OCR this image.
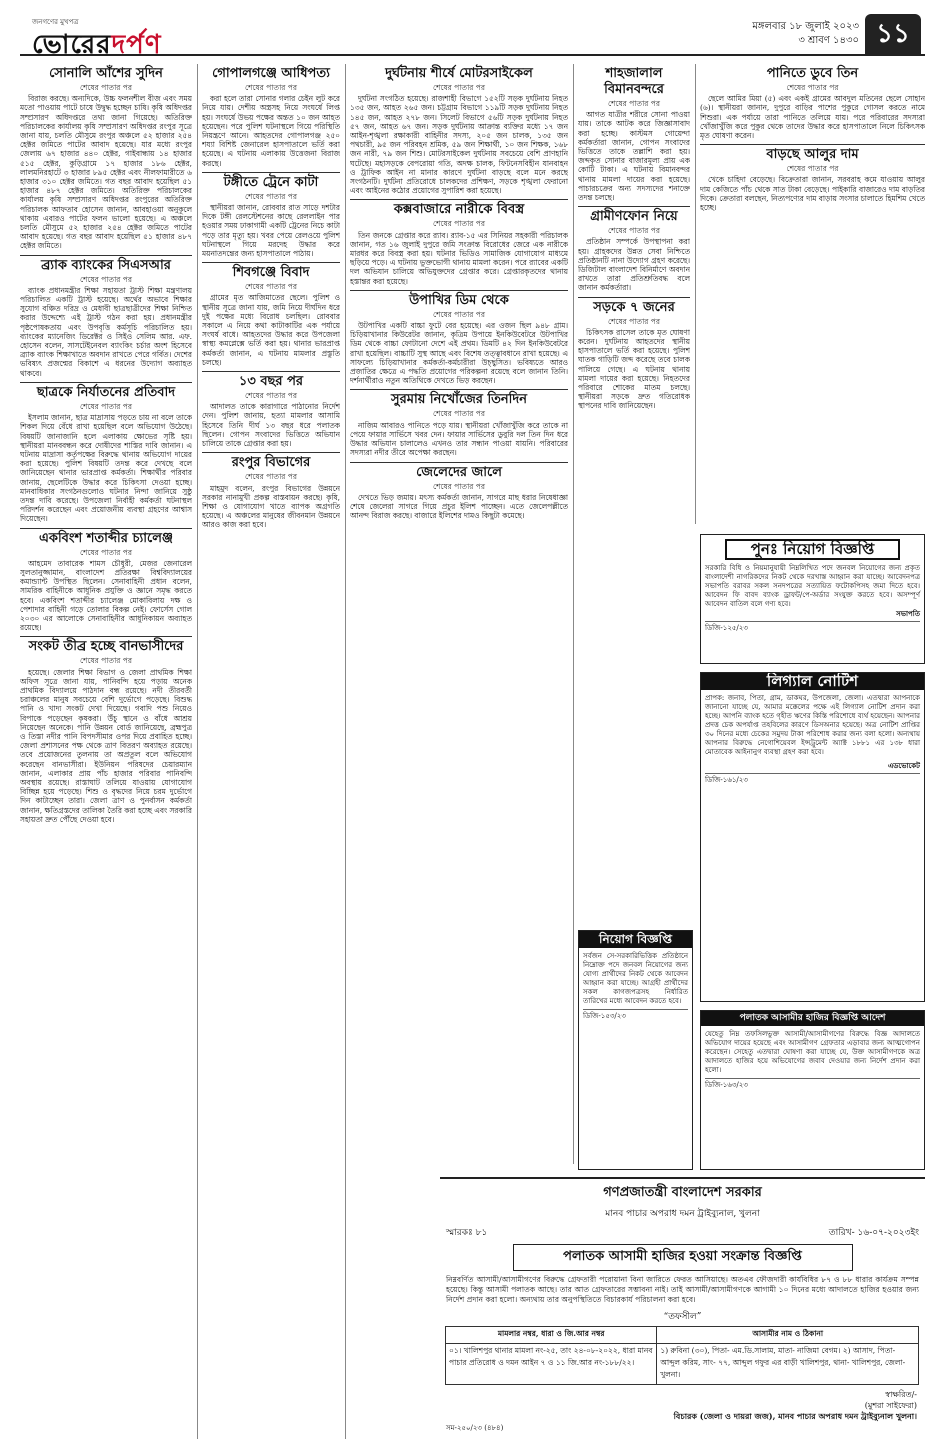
জনগণের মুখপত্র
ভোরেরদর্পণ
মঙ্গলবার ১৮ জুলাই ২০২৩
৩ শ্রাবণ ১৪৩০ ১১
সোনালি আঁশের সুদিন
শেষের পাতার পর

বিরাজ করছে। অন্যদিকে, উচ্চ ফলনশীল বীজ এবং সময় মতো পাওয়ায় পাটে চাষে উদ্বুদ্ধ হচ্ছেন চাষি। কৃষি অধিদপ্তর সম্প্রসারণ অধিদপ্তরে তথ্য জানা গিয়েছে। অতিরিক্ত পরিচালকের কার্যালয় কৃষি সম্প্রসারণ অধিদপ্তর রংপুর সূত্রে জানা যায়, চলতি মৌসুমে রংপুর অঞ্চলে ৫২ হাজার ২৫৪ হেক্টর জমিতে পাটের আবাদ হয়েছে। যার মধ্যে রংপুর জেলায় ৬৭ হাজার ৪৪০ হেক্টর, গাইবান্ধায় ১৪ হাজার ৫১৫ হেক্টর, কুড়িগ্রামে ১৭ হাজার ১৮৬ হেক্টর, লালমনিরহাটে ৩ হাজার ৮৯৫ হেক্টর এবং নীলফামারীতে ৬ হাজার ৩১০ হেক্টর জমিতে। গত বছর আবাদ হয়েছিল ৫১ হাজার ৪৮৭ হেক্টর জমিতে। অতিরিক্ত পরিচালকের কার্যালয় কৃষি সম্প্রসারণ অধিদপ্তর রংপুরের অতিরিক্ত পরিচালক আফতাব হোসেন জানান, আবহাওয়া অনুকূলে থাকায় এবারও পাটের ফলন ভালো হয়েছে। এ অঞ্চলে চলতি মৌসুমে ৫২ হাজার ২৫৪ হেক্টর জমিতে পাটের আবাদ হয়েছে। গত বছর আবাদ হয়েছিল ৫১ হাজার ৪৮৭ হেক্টর জমিতে।

ব্র্যাক ব্যাংকের সিএসআর
শেষের পাতার পর

ব্যাংক প্রধানমন্ত্রীর শিক্ষা সহায়তা ট্রাস্ট শিক্ষা মন্ত্রণালয় পরিচালিত একটি ট্রাস্ট হয়েছে। অর্থের অভাবে শিক্ষার সুযোগ বঞ্চিত দরিদ্র ও মেধাবী ছাত্রছাত্রীদের শিক্ষা নিশ্চিত করার উদ্দেশ্যে এই ট্রাস্ট গঠন করা হয়। প্রধানমন্ত্রীর পৃষ্ঠপোষকতায় এবং উপবৃত্তি কর্মসূচি পরিচালিত হয়। ব্যাংকের ম্যানেজিং ডিরেক্টর ও সিইও সেলিম আর. এফ. হোসেন বলেন, সাসটেইনেবল ব্যাংকিং চর্চার অংশ হিসেবে ব্র্যাক ব্যাংক শিক্ষাখাতে অবদান রাখতে পেরে গর্বিত। দেশের ভবিষ্যৎ প্রজন্মের বিকাশে এ ধরনের উদ্যোগ অব্যাহত থাকবে।

ছাত্রকে নির্যাতনের প্রতিবাদ
শেষের পাতার পর

ইসলাম জানান, ছাত্র মাদ্রাসায় পড়তে চায় না বলে তাকে শিকল দিয়ে বেঁধে রাখা হয়েছিল বলে অভিযোগ উঠেছে। বিষয়টি জানাজানি হলে এলাকায় ক্ষোভের সৃষ্টি হয়। স্থানীয়রা মানববন্ধন করে দোষীদের শাস্তির দাবি জানান। এ ঘটনায় মাদ্রাসা কর্তৃপক্ষের বিরুদ্ধে থানায় অভিযোগ দায়ের করা হয়েছে। পুলিশ বিষয়টি তদন্ত করে দেখছে বলে জানিয়েছেন থানার ভারপ্রাপ্ত কর্মকর্তা। শিক্ষার্থীর পরিবার জানায়, ছেলেটিকে উদ্ধার করে চিকিৎসা দেওয়া হচ্ছে। মানবাধিকার সংগঠনগুলোও ঘটনার নিন্দা জানিয়ে সুষ্ঠু তদন্ত দাবি করেছে। উপজেলা নির্বাহী কর্মকর্তা ঘটনাস্থল পরিদর্শন করেছেন এবং প্রয়োজনীয় ব্যবস্থা গ্রহণের আশ্বাস দিয়েছেন।

একবিংশ শতাব্দীর চ্যালেঞ্জ
শেষের পাতার পর

আহমেদ তাবারেক শামস চৌধুরী, মেজর জেনারেল সুলতানুজ্জামান, বাংলাদেশ প্রতিরক্ষা বিশ্ববিদ্যালয়ের কমান্ড্যান্ট উপস্থিত ছিলেন। সেনাবাহিনী প্রধান বলেন, সামরিক বাহিনীকে আধুনিক প্রযুক্তি ও জ্ঞানে সমৃদ্ধ করতে হবে। একবিংশ শতাব্দীর চ্যালেঞ্জ মোকাবিলায় দক্ষ ও পেশাদার বাহিনী গড়ে তোলার বিকল্প নেই। ফোর্সেস গোল ২০৩০ এর আলোকে সেনাবাহিনীর আধুনিকায়ন অব্যাহত রয়েছে।

সংকট তীব্র হচ্ছে বানভাসীদের
শেষের পাতার পর

হয়েছে। জেলার শিক্ষা বিভাগ ও জেলা প্রাথমিক শিক্ষা অফিস সূত্রে জানা যায়, পানিবন্দি হয়ে পড়ায় অনেক প্রাথমিক বিদ্যালয়ে পাঠদান বন্ধ রয়েছে। নদী তীরবর্তী চরাঞ্চলের মানুষ সবচেয়ে বেশি দুর্ভোগে পড়েছে। বিশুদ্ধ পানি ও খাদ্য সংকট দেখা দিয়েছে। গবাদি পশু নিয়েও বিপাকে পড়েছেন কৃষকরা। উঁচু স্থানে ও বাঁধে আশ্রয় নিয়েছেন অনেকে। পানি উন্নয়ন বোর্ড জানিয়েছে, ব্রহ্মপুত্র ও তিস্তা নদীর পানি বিপদসীমার ওপর দিয়ে প্রবাহিত হচ্ছে। জেলা প্রশাসনের পক্ষ থেকে ত্রাণ বিতরণ অব্যাহত রয়েছে। তবে প্রয়োজনের তুলনায় তা অপ্রতুল বলে অভিযোগ করেছেন বানভাসীরা। ইউনিয়ন পরিষদের চেয়ারম্যান জানান, এলাকার প্রায় পাঁচ হাজার পরিবার পানিবন্দি অবস্থায় রয়েছে। রাস্তাঘাট তলিয়ে যাওয়ায় যোগাযোগ বিচ্ছিন্ন হয়ে পড়েছে। শিশু ও বৃদ্ধদের নিয়ে চরম দুর্ভোগে দিন কাটাচ্ছেন তারা। জেলা ত্রাণ ও পুনর্বাসন কর্মকর্তা জানান, ক্ষতিগ্রস্তদের তালিকা তৈরি করা হচ্ছে এবং সরকারি সহায়তা দ্রুত পৌঁছে দেওয়া হবে।

গোপালগঞ্জে আধিপত্য
শেষের পাতার পর

করা হলে তারা সোনার গলার চেইন লুট করে নিয়ে যায়। দেশীয় অস্ত্রসহ নিয়ে সংঘর্ষে লিপ্ত হয়। সংঘর্ষে উভয় পক্ষের অন্তত ১০ জন আহত হয়েছেন। পরে পুলিশ ঘটনাস্থলে গিয়ে পরিস্থিতি নিয়ন্ত্রণে আনে। আহতদের গোপালগঞ্জ ২৫০ শয্যা বিশিষ্ট জেনারেল হাসপাতালে ভর্তি করা হয়েছে। এ ঘটনায় এলাকায় উত্তেজনা বিরাজ করছে।

টঙ্গীতে ট্রেনে কাটা
শেষের পাতার পর

স্থানীয়রা জানান, রোববার রাত সাড়ে দশটার দিকে টঙ্গী রেলস্টেশনের কাছে রেললাইন পার হওয়ার সময় ঢাকাগামী একটি ট্রেনের নিচে কাটা পড়ে তার মৃত্যু হয়। খবর পেয়ে রেলওয়ে পুলিশ ঘটনাস্থলে গিয়ে মরদেহ উদ্ধার করে ময়নাতদন্তের জন্য হাসপাতালে পাঠায়।

শিবগঞ্জে বিবাদ
শেষের পাতার পর

গ্রামের মৃত আজিমাতের ছেলে। পুলিশ ও স্থানীয় সূত্রে জানা যায়, জমি নিয়ে দীর্ঘদিন ধরে দুই পক্ষের মধ্যে বিরোধ চলছিল। রোববার সকালে এ নিয়ে কথা কাটাকাটির এক পর্যায়ে সংঘর্ষ বাধে। আহতদের উদ্ধার করে উপজেলা স্বাস্থ্য কমপ্লেক্সে ভর্তি করা হয়। থানার ভারপ্রাপ্ত কর্মকর্তা জানান, এ ঘটনায় মামলার প্রস্তুতি চলছে।

১৩ বছর পর
শেষের পাতার পর

আদালত তাকে কারাগারে পাঠানোর নির্দেশ দেন। পুলিশ জানায়, হত্যা মামলার আসামি হিসেবে তিনি দীর্ঘ ১৩ বছর ধরে পলাতক ছিলেন। গোপন সংবাদের ভিত্তিতে অভিযান চালিয়ে তাকে গ্রেপ্তার করা হয়।

রংপুর বিভাগের
শেষের পাতার পর

মাহমুদ বলেন, রংপুর বিভাগের উন্নয়নে সরকার নানামুখী প্রকল্প বাস্তবায়ন করছে। কৃষি, শিক্ষা ও যোগাযোগ খাতে ব্যাপক অগ্রগতি হয়েছে। এ অঞ্চলের মানুষের জীবনমান উন্নয়নে আরও কাজ করা হবে।

দুর্ঘটনায় শীর্ষে মোটরসাইকেল
শেষের পাতার পর

দুর্ঘটনা সংগঠিত হয়েছে। রাজশাহী বিভাগে ১৫২টি সড়ক দুর্ঘটনায় নিহত ১৩৫ জন, আহত ২৬৫ জন। চট্টগ্রাম বিভাগে ১১৯টি সড়ক দুর্ঘটনায় নিহত ১৪৫ জন, আহত ২৭৮ জন। সিলেট বিভাগে ৫৬টি সড়ক দুর্ঘটনায় নিহত ৫৭ জন, আহত ৬৭ জন। সড়ক দুর্ঘটনায় আক্রান্ত ব্যক্তির মধ্যে ১৭ জন আইন-শৃঙ্খলা রক্ষাকারী বাহিনীর সদস্য, ২০৫ জন চালক, ১৩৫ জন পথচারী, ৯৫ জন পরিবহন শ্রমিক, ৫৯ জন শিক্ষার্থী, ১০ জন শিক্ষক, ১৬৮ জন নারী, ৭৯ জন শিশু। মোটরসাইকেল দুর্ঘটনায় সবচেয়ে বেশি প্রাণহানি ঘটেছে। মহাসড়কে বেপরোয়া গতি, অদক্ষ চালক, ফিটনেসবিহীন যানবাহন ও ট্রাফিক আইন না মানার কারণে দুর্ঘটনা বাড়ছে বলে মনে করছে সংগঠনটি। দুর্ঘটনা প্রতিরোধে চালকদের প্রশিক্ষণ, সড়কে শৃঙ্খলা ফেরানো এবং আইনের কঠোর প্রয়োগের সুপারিশ করা হয়েছে।

কক্সবাজারে নারীকে বিবস্ত্র
শেষের পাতার পর

তিন জনকে গ্রেপ্তার করে র‌্যাব। র‌্যাব-১৫ এর সিনিয়র সহকারী পরিচালক জানান, গত ১৬ জুলাই দুপুরে জমি সংক্রান্ত বিরোধের জেরে এক নারীকে মারধর করে বিবস্ত্র করা হয়। ঘটনার ভিডিও সামাজিক যোগাযোগ মাধ্যমে ছড়িয়ে পড়ে। এ ঘটনায় ভুক্তভোগী থানায় মামলা করেন। পরে র‌্যাবের একটি দল অভিযান চালিয়ে অভিযুক্তদের গ্রেপ্তার করে। গ্রেপ্তারকৃতদের থানায় হস্তান্তর করা হয়েছে।

উপাখির ডিম থেকে
শেষের পাতার পর

উটপাখির একটি বাচ্চা ফুটে বের হয়েছে। এর ওজন ছিল ৯৪৮ গ্রাম। চিড়িয়াখানার কিউরেটর জানান, কৃত্রিম উপায়ে ইনকিউবেটরে উটপাখির ডিম থেকে বাচ্চা ফোটানো দেশে এই প্রথম। ডিমটি ৪২ দিন ইনকিউবেটরে রাখা হয়েছিল। বাচ্চাটি সুস্থ আছে এবং বিশেষ তত্ত্বাবধানে রাখা হয়েছে। এ সাফল্যে চিড়িয়াখানার কর্মকর্তা-কর্মচারীরা উচ্ছ্বসিত। ভবিষ্যতে আরও প্রজাতির ক্ষেত্রে এ পদ্ধতি প্রয়োগের পরিকল্পনা রয়েছে বলে জানান তিনি। দর্শনার্থীরাও নতুন অতিথিকে দেখতে ভিড় করছেন।

সুরমায় নিখোঁজের তিনদিন
শেষের পাতার পর

নাজিম আবারও পানিতে পড়ে যায়। স্থানীয়রা খোঁজাখুঁজি করে তাকে না পেয়ে ফায়ার সার্ভিসে খবর দেন। ফায়ার সার্ভিসের ডুবুরি দল তিন দিন ধরে উদ্ধার অভিযান চালালেও এখনও তার সন্ধান পাওয়া যায়নি। পরিবারের সদস্যরা নদীর তীরে অপেক্ষা করছেন।

জেলেদের জালে
শেষের পাতার পর

দেখতে ভিড় জমায়। মৎস্য কর্মকর্তা জানান, সাগরে মাছ ধরার নিষেধাজ্ঞা শেষে জেলেরা সাগরে গিয়ে প্রচুর ইলিশ পাচ্ছেন। এতে জেলেপল্লীতে আনন্দ বিরাজ করছে। বাজারে ইলিশের দামও কিছুটা কমেছে।

শাহজালাল বিমানবন্দরে
শেষের পাতার পর

আগত যাত্রীর শরীরে সোনা পাওয়া যায়। তাকে আটক করে জিজ্ঞাসাবাদ করা হচ্ছে। কাস্টমস গোয়েন্দা কর্মকর্তারা জানান, গোপন সংবাদের ভিত্তিতে তাকে তল্লাশি করা হয়। জব্দকৃত সোনার বাজারমূল্য প্রায় এক কোটি টাকা। এ ঘটনায় বিমানবন্দর থানায় মামলা দায়ের করা হয়েছে। পাচারচক্রের অন্য সদস্যদের শনাক্তে তদন্ত চলছে।

গ্রামীণফোন নিয়ে
শেষের পাতার পর

প্রতিষ্ঠান সম্পর্কে উপস্থাপনা করা হয়। গ্রাহকদের উন্নত সেবা নিশ্চিতে প্রতিষ্ঠানটি নানা উদ্যোগ গ্রহণ করেছে। ডিজিটাল বাংলাদেশ বিনির্মাণে অবদান রাখতে তারা প্রতিশ্রুতিবদ্ধ বলে জানান কর্মকর্তারা।

সড়কে ৭ জনের
শেষের পাতার পর

চিকিৎসক রাসেল তাকে মৃত ঘোষণা করেন। দুর্ঘটনায় আহতদের স্থানীয় হাসপাতালে ভর্তি করা হয়েছে। পুলিশ ঘাতক গাড়িটি জব্দ করেছে তবে চালক পালিয়ে গেছে। এ ঘটনায় থানায় মামলা দায়ের করা হয়েছে। নিহতদের পরিবারে শোকের মাতম চলছে। স্থানীয়রা সড়কে দ্রুত গতিরোধক স্থাপনের দাবি জানিয়েছেন।

পানিতে ডুবে তিন
শেষের পাতার পর

ছেলে আমির মিয়া (৫) এবং একই গ্রামের আবদুল মতিনের ছেলে সোহান (৬)। স্থানীয়রা জানান, দুপুরে বাড়ির পাশের পুকুরে গোসল করতে নামে শিশুরা। এক পর্যায়ে তারা পানিতে তলিয়ে যায়। পরে পরিবারের সদস্যরা খোঁজাখুঁজি করে পুকুর থেকে তাদের উদ্ধার করে হাসপাতালে নিলে চিকিৎসক মৃত ঘোষণা করেন।

বাড়ছে আলুর দাম
শেষের পাতার পর

খেকে চাহিদা বেড়েছে। বিক্রেতারা জানান, সরবরাহ কমে যাওয়ায় আলুর দাম কেজিতে পাঁচ থেকে সাত টাকা বেড়েছে। পাইকারি বাজারেও দাম বাড়তির দিকে। ক্রেতারা বলছেন, নিত্যপণ্যের দাম বাড়ায় সংসার চালাতে হিমশিম খেতে হচ্ছে।

পুনঃ নিয়োগ বিজ্ঞপ্তি
সরকারি বিধি ও নিয়মানুযায়ী নিম্নলিখিত পদে জনবল নিয়োগের জন্য প্রকৃত বাংলাদেশী নাগরিকদের নিকট থেকে দরখাস্ত আহ্বান করা যাচ্ছে। আবেদনপত্র সভাপতি বরাবর সকল সনদপত্রের সত্যায়িত ফটোকপিসহ জমা দিতে হবে। আবেদন ফি বাবদ ব্যাংক ড্রাফট/পে-অর্ডার সংযুক্ত করতে হবে। অসম্পূর্ণ আবেদন বাতিল বলে গণ্য হবে।
সভাপতি
ডিজি-১২৫/২৩
লিগ্যাল নোটিশ
প্রাপক: জনাব, পিতা, গ্রাম, ডাকঘর, উপজেলা, জেলা। এতদ্বারা আপনাকে জানানো যাচ্ছে যে, আমার মক্কেলের পক্ষে এই লিগ্যাল নোটিশ প্রদান করা হচ্ছে। আপনি ব্যাংক হতে গৃহীত ঋণের কিস্তি পরিশোধে ব্যর্থ হয়েছেন। আপনার প্রদত্ত চেক অপর্যাপ্ত তহবিলের কারণে ডিসঅনার হয়েছে। অত্র নোটিশ প্রাপ্তির ৩০ দিনের মধ্যে চেকের সমুদয় টাকা পরিশোধ করার জন্য বলা হলো। অন্যথায় আপনার বিরুদ্ধে নেগোশিয়েবল ইন্সট্রুমেন্ট অ্যাক্ট ১৮৮১ এর ১৩৮ ধারা মোতাবেক আইনানুগ ব্যবস্থা গ্রহণ করা হবে।
এডভোকেট
ডিজি-১৬১/২৩
নিয়োগ বিজ্ঞপ্তি
সর্বজন সে-সরকারিভিত্তিক প্রতিষ্ঠানে নিম্নোক্ত পদে জনবল নিয়োগের জন্য যোগ্য প্রার্থীদের নিকট থেকে আবেদন আহ্বান করা যাচ্ছে। আগ্রহী প্রার্থীদের সকল কাগজপত্রসহ নির্ধারিত তারিখের মধ্যে আবেদন করতে হবে।
ডিজি-১৫৩/২৩	পলাতক আসামীর হাজির বিজ্ঞপ্তি আদেশ
যেহেতু নিম্ন তফসিলভুক্ত আসামী/আসামীগণের বিরুদ্ধে বিজ্ঞ আদালতে অভিযোগ দায়ের হয়েছে এবং আসামীগণ গ্রেফতার এড়াবার জন্য আত্মগোপন করেছেন। সেহেতু এতদ্বারা ঘোষণা করা যাচ্ছে যে, উক্ত আসামীগণকে অত্র আদালতে হাজির হয়ে অভিযোগের জবাব দেওয়ার জন্য নির্দেশ প্রদান করা হলো।
ডিজি-১৬৩/২৩
গণপ্রজাতন্ত্রী বাংলাদেশ সরকার
মানব পাচার অপরাধ দমন ট্রাইব্যুনাল, খুলনা
স্মারকঃ ৮১	তারিখ- ১৬-০৭-২০২৩ইং
পলাতক আসামী হাজির হওয়া সংক্রান্ত বিজ্ঞপ্তি
নিম্নবর্ণিত আসামী/আসামীগণের বিরুদ্ধে গ্রেফতারী পরোয়ানা বিনা জারিতে ফেরত আসিয়াছে। অতএব ফৌজদারী কার্যবিধির ৮৭ ও ৮৮ ধারার কার্যক্রম সম্পন্ন হয়েছে। কিন্তু আসামী পলাতক আছে। তার আত গ্রেফতারের সম্ভাবনা নাই। তাই আসামী/আসামীগণকে আগামী ১০ দিনের মধ্যে আদালতে হাজির হওয়ার জন্য নির্দেশ প্রদান করা হলো। অন্যথায় তার অনুপস্থিতিতে বিচারকার্য পরিচালনা করা হবে।
“তফসীল”
মামলার নম্বর, ধারা ও জি.আর নম্বর	আসামীর নাম ও ঠিকানা
০১। খালিশপুর থানার মামলা নং-২৫, তাং ২৪-০৮-২০২২, ধারা মানব পাচার প্রতিরোধ ও দমন আইন ৭ ও ১১ জি.আর নং-১৮৮/২২।	১) রুবিনা (৩০), পিতা- এম.ডি.সালাম, মাতা- নাজিমা বেগম। ২) আসাদ, পিতা- আব্দুল করিম, সাং- ৭৭, আব্দুল গফুর এর বাড়ী খালিশপুর, থানা- খালিশপুর, জেলা- খুলনা।
স্বাক্ষরিত/-
(মুশরা সাইফেরা)
বিচারক (জেলা ও দায়রা জজ), মানব পাচার অপরাধ দমন ট্রাইব্যুনাল খুলনা।
সম-২৫০/২৩ (৪৮৪)
